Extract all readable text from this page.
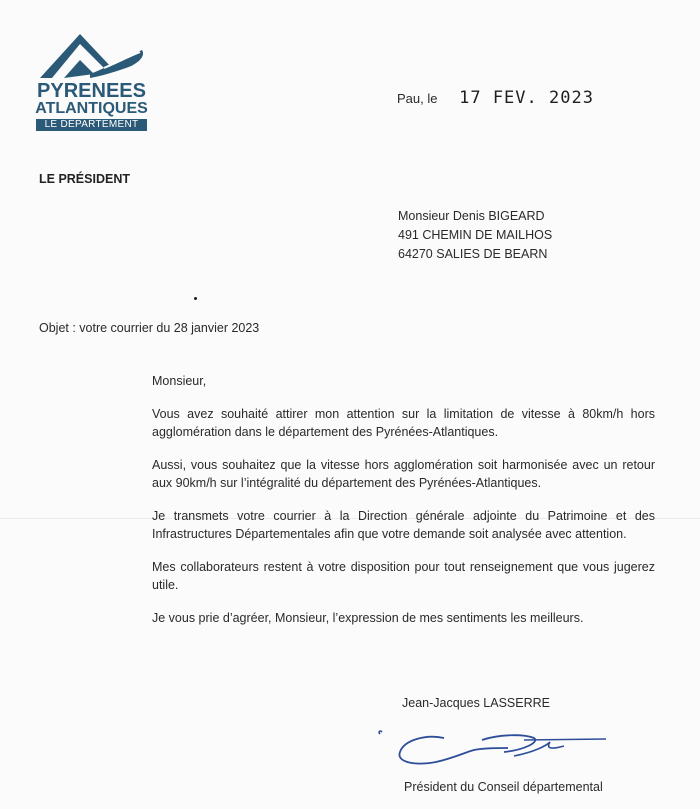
PYRENEES
ATLANTIQUES
LE DEPARTEMENT
Pau, le 17 FEV. 2023
LE PRÉSIDENT
Monsieur Denis BIGEARD
491 CHEMIN DE MAILHOS
64270 SALIES DE BEARN
Objet : votre courrier du 28 janvier 2023

Monsieur,

Vous avez souhaité attirer mon attention sur la limitation de vitesse à 80km/h hors agglomération dans le département des Pyrénées-Atlantiques.

Aussi, vous souhaitez que la vitesse hors agglomération soit harmonisée avec un retour aux 90km/h sur l’intégralité du département des Pyrénées-Atlantiques.

Je transmets votre courrier à la Direction générale adjointe du Patrimoine et des Infrastructures Départementales afin que votre demande soit analysée avec attention.

Mes collaborateurs restent à votre disposition pour tout renseignement que vous jugerez utile.

Je vous prie d’agréer, Monsieur, l’expression de mes sentiments les meilleurs.

Jean-Jacques LASSERRE
Président du Conseil départemental
